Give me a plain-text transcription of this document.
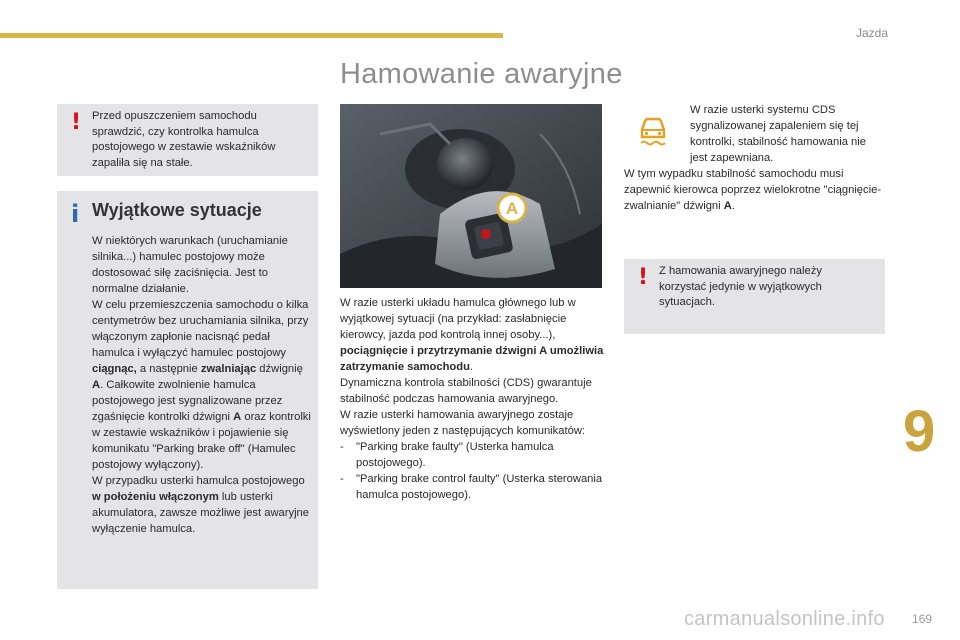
Jazda
Hamowanie awaryjne
! Przed opuszczeniem samochodu sprawdzić, czy kontrolka hamulca postojowego w zestawie wskaźników zapaliła się na stałe.
i Wyjątkowe sytuacje

W niektórych warunkach (uruchamianie silnika...) hamulec postojowy może dostosować siłę zaciśnięcia. Jest to normalne działanie.

W celu przemieszczenia samochodu o kilka centymetrów bez uruchamiania silnika, przy włączonym zapłonie nacisnąć pedał hamulca i wyłączyć hamulec postojowy ciągnąc, a następnie zwalniając dźwignię A. Całkowite zwolnienie hamulca postojowego jest sygnalizowane przez zgaśnięcie kontrolki dźwigni A oraz kontrolki w zestawie wskaźników i pojawienie się komunikatu "Parking brake off" (Hamulec postojowy wyłączony).

W przypadku usterki hamulca postojowego w położeniu włączonym lub usterki akumulatora, zawsze możliwe jest awaryjne wyłączenie hamulca.

A

W razie usterki układu hamulca głównego lub w wyjątkowej sytuacji (na przykład: zasłabnięcie kierowcy, jazda pod kontrolą innej osoby...), pociągnięcie i przytrzymanie dźwigni A umożliwia zatrzymanie samochodu.

Dynamiczna kontrola stabilności (CDS) gwarantuje stabilność podczas hamowania awaryjnego.

W razie usterki hamowania awaryjnego zostaje wyświetlony jeden z następujących komunikatów:

-	"Parking brake faulty" (Usterka hamulca postojowego).
-	"Parking brake control faulty" (Usterka sterowania hamulca postojowego).
W razie usterki systemu CDS sygnalizowanej zapaleniem się tej kontrolki, stabilność hamowania nie jest zapewniana.
W tym wypadku stabilność samochodu musi zapewnić kierowca poprzez wielokrotne "ciągnięcie-zwalnianie" dźwigni A.
! Z hamowania awaryjnego należy korzystać jedynie w wyjątkowych sytuacjach.
9
carmanualsonline.info 169
